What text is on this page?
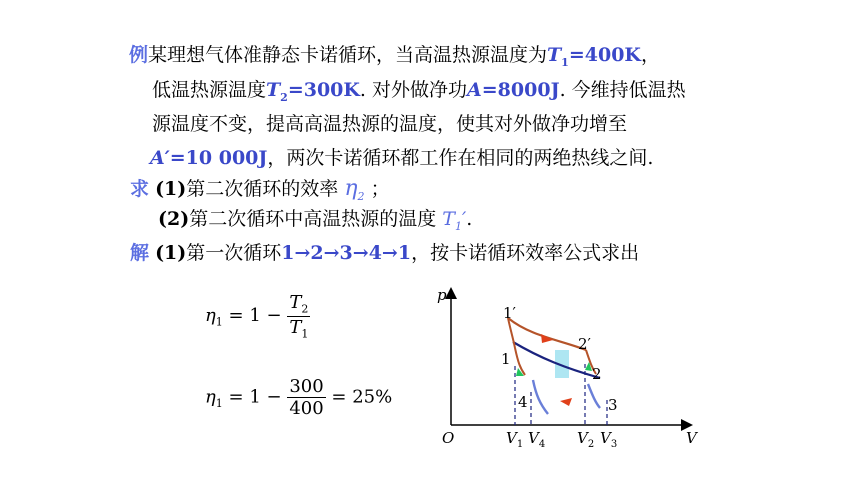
例某理想气体准静态卡诺循环，当高温热源温度为$T_1=400K$，
低温热源温度$T_2=300K$. 对外做净功A=8000J. 今维持低温热
源温度不变，提高高温热源的温度，使其对外做净功增至
A′=10 000J，两次卡诺循环都工作在相同的两绝热线之间.
求 (1)第二次循环的效率 $\eta_2$ ；
(2)第二次循环中高温热源的温度 $T_1'$.
解 (1)第一次循环1→2→3→4→1，按卡诺循环效率公式求出
$\eta_1 = 1 - \frac{T_2}{T_1}$
$\eta_1 = 1 - \frac{300}{400} = 25\%$
p
V
O
1′
2′
1
2
3
4
$V_1$ $V_4$ $V_2$ $V_3$
